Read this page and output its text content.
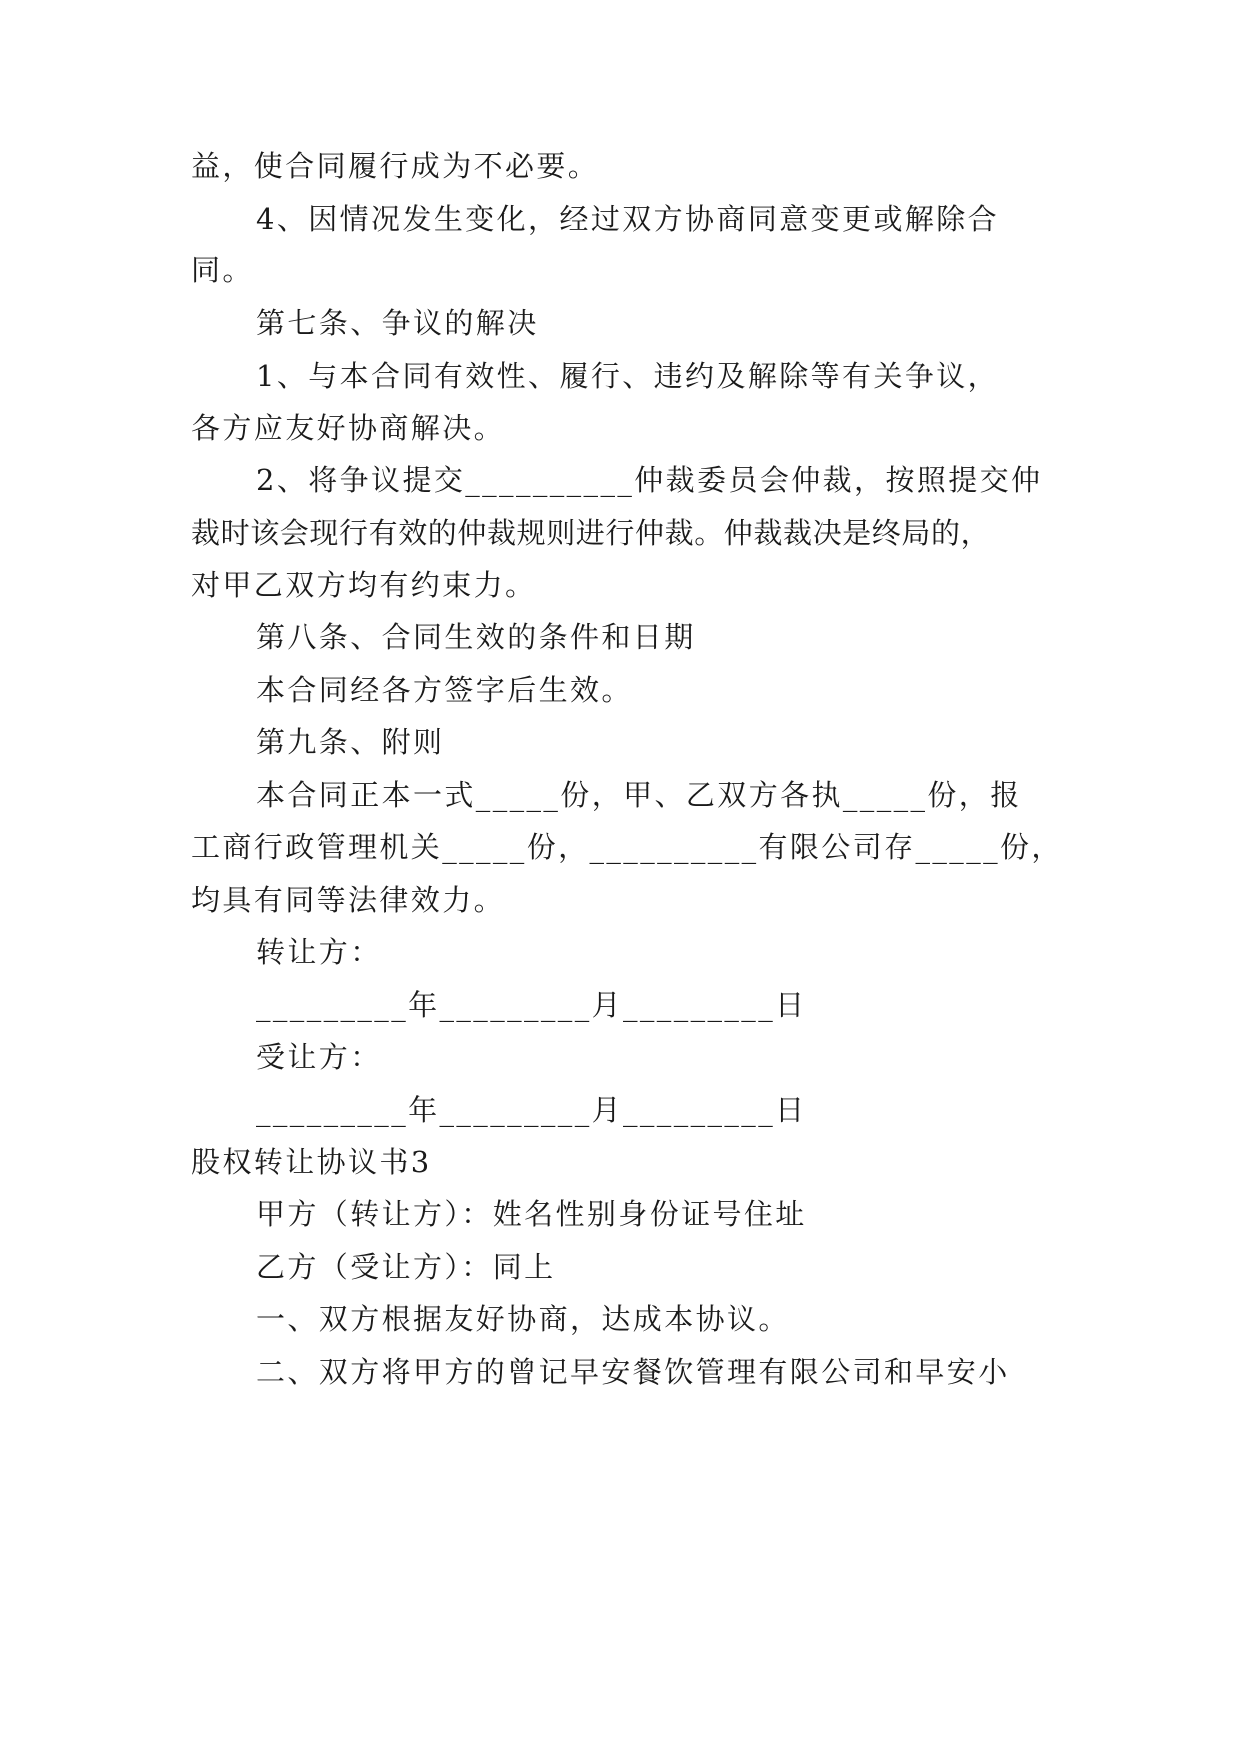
益，使合同履行成为不必要。
4、因情况发生变化，经过双方协商同意变更或解除合
同。
第七条、争议的解决
1、与本合同有效性、履行、违约及解除等有关争议，
各方应友好协商解决。
2、将争议提交__________仲裁委员会仲裁，按照提交仲
裁时该会现行有效的仲裁规则进行仲裁。仲裁裁决是终局的，
对甲乙双方均有约束力。
第八条、合同生效的条件和日期
本合同经各方签字后生效。
第九条、附则
本合同正本一式_____份，甲、乙双方各执_____份，报
工商行政管理机关_____份，__________有限公司存_____份，
均具有同等法律效力。
转让方：
_________年_________月_________日
受让方：
_________年_________月_________日
股权转让协议书3
甲方（转让方）：姓名性别身份证号住址
乙方（受让方）：同上
一、双方根据友好协商，达成本协议。
二、双方将甲方的曾记早安餐饮管理有限公司和早安小
